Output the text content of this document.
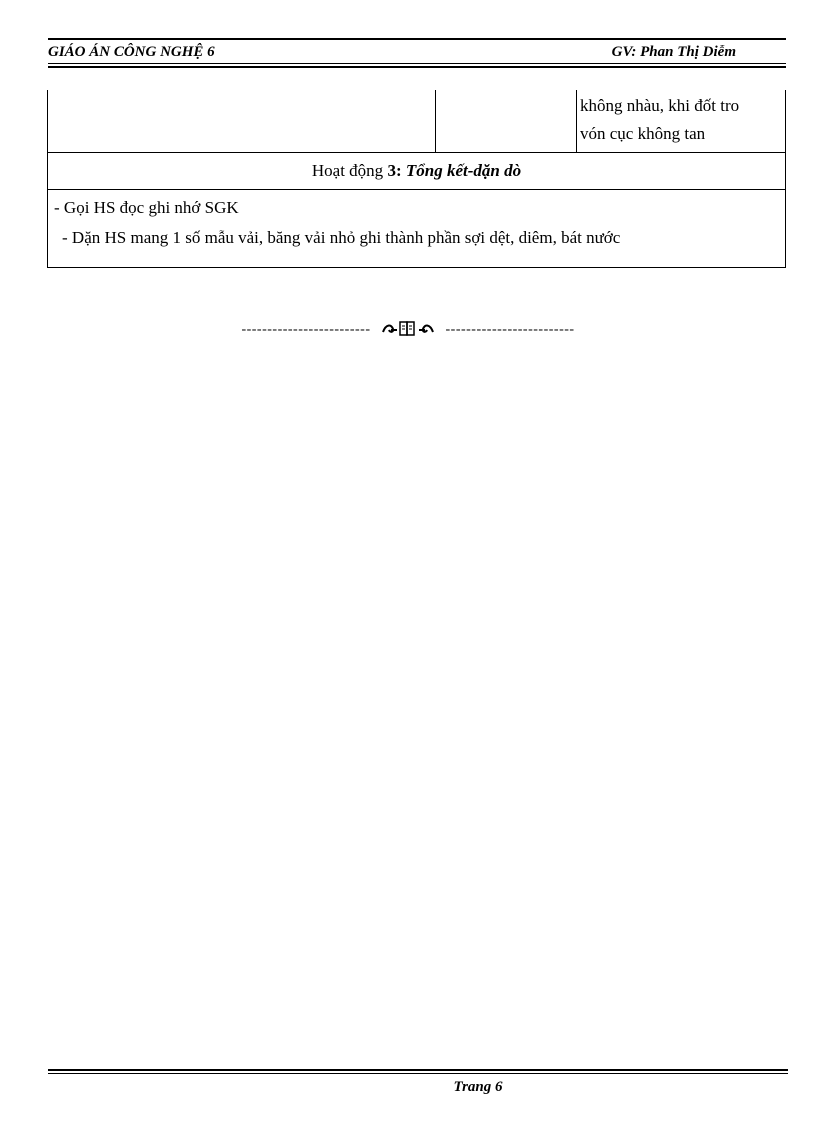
GIÁO ÁN CÔNG NGHỆ 6	GV: Phan Thị Diễm

không nhàu, khi đốt tro
vón cục không tan

Hoạt động 3: Tổng kết-dặn dò

- Gọi HS đọc ghi nhớ SGK
- Dặn HS mang 1 số mẫu vải, băng vải nhỏ ghi thành phần sợi dệt, diêm, bát nước
-------------------------	-------------------------
Trang 6
